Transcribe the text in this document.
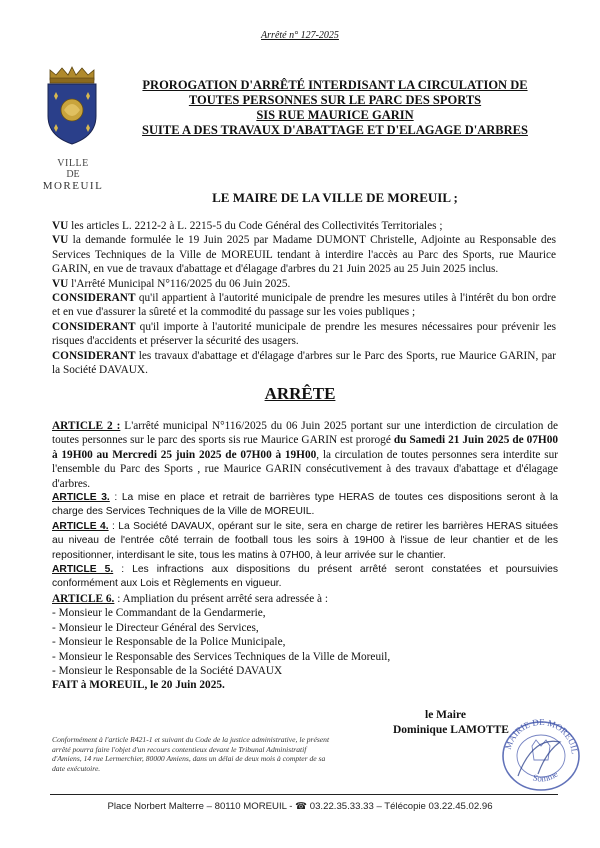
Arrêté n° 127-2025
VILLE
DE
MOREUIL
PROROGATION D'ARRÊTÉ INTERDISANT LA CIRCULATION DE
TOUTES PERSONNES SUR LE PARC DES SPORTS
SIS RUE MAURICE GARIN
SUITE A DES TRAVAUX D'ABATTAGE ET D'ELAGAGE D'ARBRES
LE MAIRE DE LA VILLE DE MOREUIL ;

VU les articles L. 2212-2 à L. 2215-5 du Code Général des Collectivités Territoriales ;

VU la demande formulée le 19 Juin 2025 par Madame DUMONT Christelle, Adjointe au Responsable des Services Techniques de la Ville de MOREUIL tendant à interdire l'accès au Parc des Sports, rue Maurice GARIN, en vue de travaux d'abattage et d'élagage d'arbres du 21 Juin 2025 au 25 Juin 2025 inclus.

VU l'Arrêté Municipal N°116/2025 du 06 Juin 2025.

CONSIDERANT qu'il appartient à l'autorité municipale de prendre les mesures utiles à l'intérêt du bon ordre et en vue d'assurer la sûreté et la commodité du passage sur les voies publiques ;

CONSIDERANT qu'il importe à l'autorité municipale de prendre les mesures nécessaires pour prévenir les risques d'accidents et préserver la sécurité des usagers.

CONSIDERANT les travaux d'abattage et d'élagage d'arbres sur le Parc des Sports, rue Maurice GARIN, par la Société DAVAUX.

ARRÊTE

ARTICLE 2 : L'arrêté municipal N°116/2025 du 06 Juin 2025 portant sur une interdiction de circulation de toutes personnes sur le parc des sports sis rue Maurice GARIN est prorogé du Samedi 21 Juin 2025 de 07H00 à 19H00 au Mercredi 25 juin 2025 de 07H00 à 19H00, la circulation de toutes personnes sera interdite sur l'ensemble du Parc des Sports , rue Maurice GARIN consécutivement à des travaux d'abattage et d'élagage d'arbres.

ARTICLE 3. : La mise en place et retrait de barrières type HERAS de toutes ces dispositions seront à la charge des Services Techniques de la Ville de MOREUIL.

ARTICLE 4. : La Société DAVAUX, opérant sur le site, sera en charge de retirer les barrières HERAS situées au niveau de l'entrée côté terrain de football tous les soirs à 19H00 à l'issue de leur chantier et de les repositionner, interdisant le site, tous les matins à 07H00, à leur arrivée sur le chantier.

ARTICLE 5. : Les infractions aux dispositions du présent arrêté seront constatées et poursuivies conformément aux Lois et Règlements en vigueur.

ARTICLE 6. : Ampliation du présent arrêté sera adressée à :

- Monsieur le Commandant de la Gendarmerie,

- Monsieur le Directeur Général des Services,

- Monsieur le Responsable de la Police Municipale,

- Monsieur le Responsable des Services Techniques de la Ville de Moreuil,

- Monsieur le Responsable de la Société DAVAUX

FAIT à MOREUIL, le 20 Juin 2025.

le Maire
Dominique LAMOTTE
MAIRIE DE MOREUIL
Somme
Conformément à l'article R421-1 et suivant du Code de la justice administrative, le présent arrêté pourra faire l'objet d'un recours contentieux devant le Tribunal Administratif d'Amiens, 14 rue Lermerchier, 80000 Amiens, dans un délai de deux mois à compter de sa date exécutoire.
Place Norbert Malterre – 80110 MOREUIL - ☎ 03.22.35.33.33 – Télécopie 03.22.45.02.96
